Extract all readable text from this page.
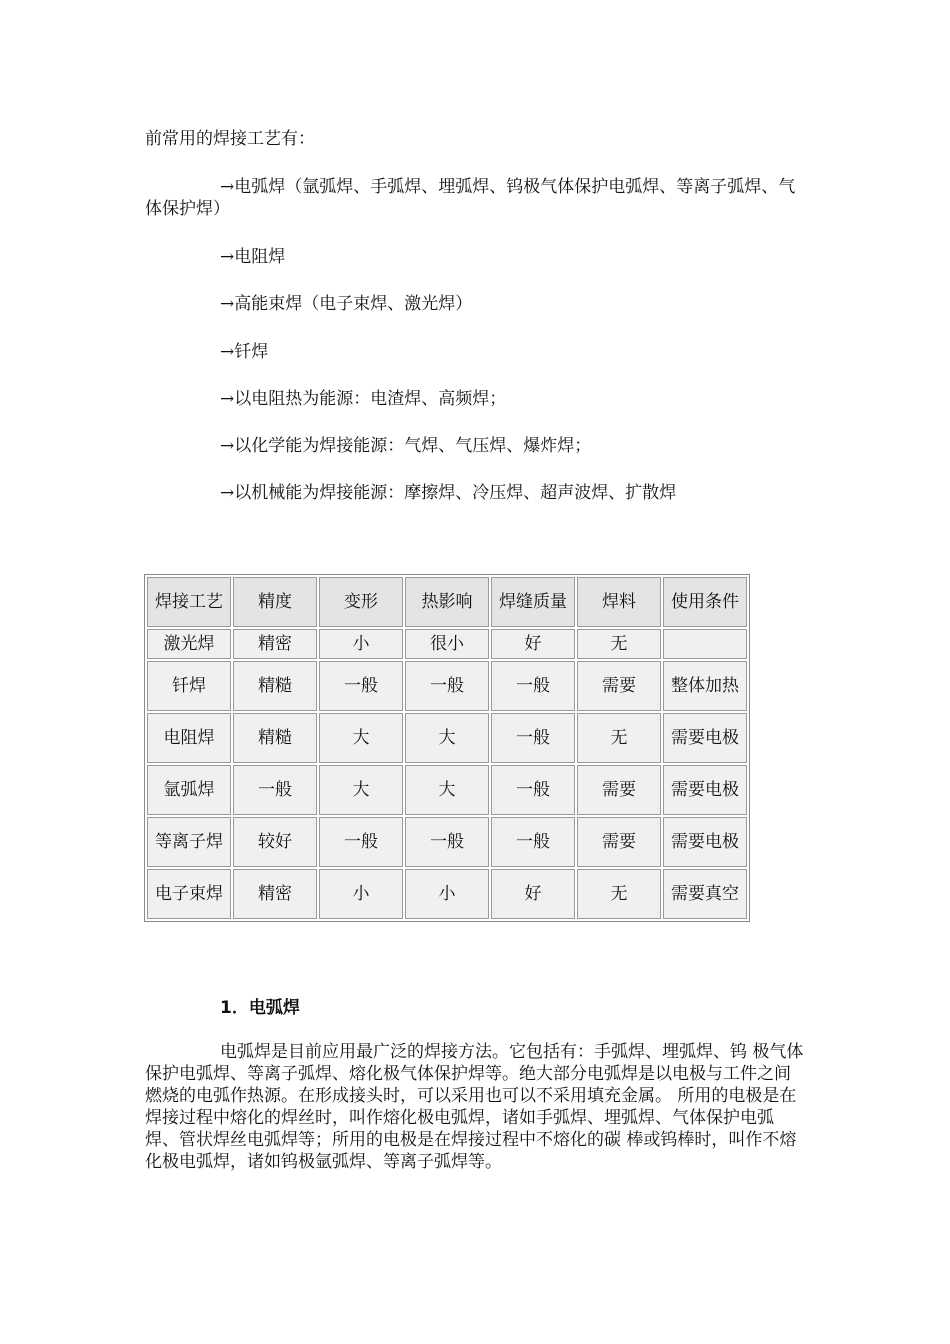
前常用的焊接工艺有：
→电弧焊（氩弧焊、手弧焊、埋弧焊、钨极气体保护电弧焊、等离子弧焊、气体保护焊）
→电阻焊
→高能束焊（电子束焊、激光焊）
→钎焊
→以电阻热为能源：电渣焊、高频焊；
→以化学能为焊接能源：气焊、气压焊、爆炸焊；
→以机械能为焊接能源：摩擦焊、冷压焊、超声波焊、扩散焊
焊接工艺	精度	变形	热影响	焊缝质量	焊料	使用条件
激光焊	精密	小	很小	好	无	
钎焊	精糙	一般	一般	一般	需要	整体加热
电阻焊	精糙	大	大	一般	无	需要电极
氩弧焊	一般	大	大	一般	需要	需要电极
等离子焊	较好	一般	一般	一般	需要	需要电极
电子束焊	精密	小	小	好	无	需要真空
1．电弧焊
电弧焊是目前应用最广泛的焊接方法。它包括有：手弧焊、埋弧焊、钨 极气体保护电弧焊、等离子弧焊、熔化极气体保护焊等。绝大部分电弧焊是以电极与工件之间燃烧的电弧作热源。在形成接头时，可以采用也可以不采用填充金属。 所用的电极是在焊接过程中熔化的焊丝时，叫作熔化极电弧焊，诸如手弧焊、埋弧焊、气体保护电弧焊、管状焊丝电弧焊等；所用的电极是在焊接过程中不熔化的碳 棒或钨棒时，叫作不熔化极电弧焊，诸如钨极氩弧焊、等离子弧焊等。
